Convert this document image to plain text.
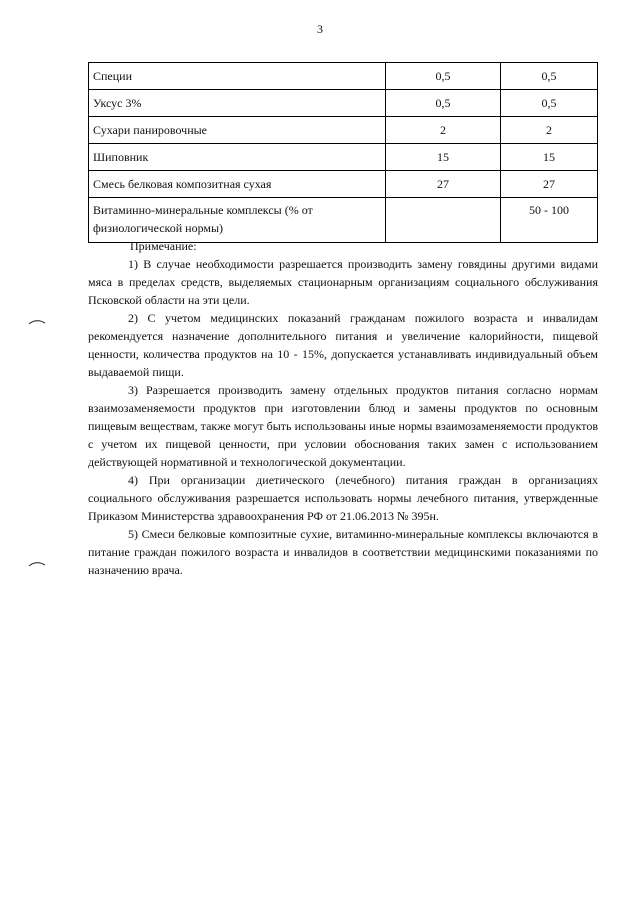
3
Специи	0,5	0,5
Уксус 3%	0,5	0,5
Сухари панировочные	2	2
Шиповник	15	15
Смесь белковая композитная сухая	27	27
Витаминно-минеральные комплексы (% от физиологической нормы)		50 - 100

Примечание:

1) В случае необходимости разрешается производить замену говядины другими видами мяса в пределах средств, выделяемых стационарным организациям социального обслуживания Псковской области на эти цели.

2) С учетом медицинских показаний гражданам пожилого возраста и инвалидам рекомендуется назначение дополнительного питания и увеличение калорийности, пищевой ценности, количества продуктов на 10 - 15%, допускается устанавливать индивидуальный объем выдаваемой пищи.

3) Разрешается производить замену отдельных продуктов питания согласно нормам взаимозаменяемости продуктов при изготовлении блюд и замены продуктов по основным пищевым веществам, также могут быть использованы иные нормы взаимозаменяемости продуктов с учетом их пищевой ценности, при условии обоснования таких замен с использованием действующей нормативной и технологической документации.

4) При организации диетического (лечебного) питания граждан в организациях социального обслуживания разрешается использовать нормы лечебного питания, утвержденные Приказом Министерства здравоохранения РФ от 21.06.2013 № 395н.

5) Смеси белковые композитные сухие, витаминно-минеральные комплексы включаются в питание граждан пожилого возраста и инвалидов в соответствии медицинскими показаниями по назначению врача.
